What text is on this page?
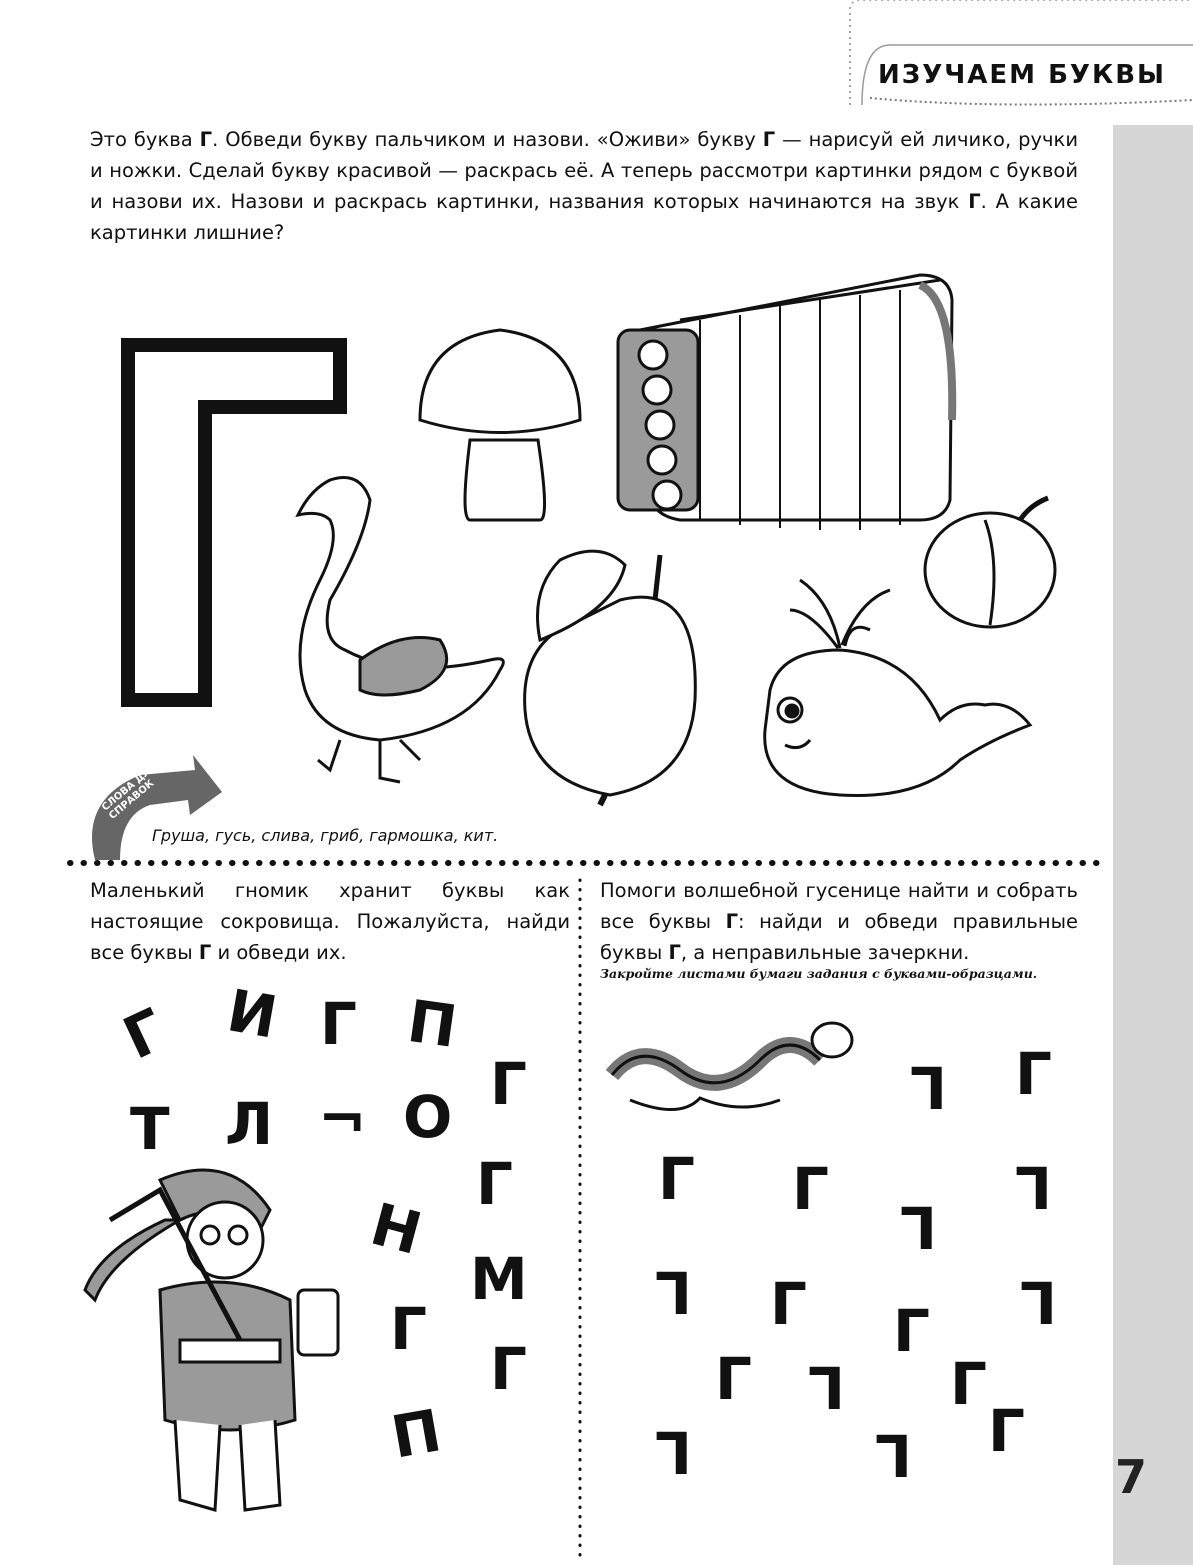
ИЗУЧАЕМ БУКВЫ
Это буква Г. Обведи букву пальчиком и назови. «Оживи» букву Г — нарисуй ей личико, ручки и ножки. Сделай букву красивой — раскрась её. А теперь рассмотри картинки рядом с буквой и назови их. Назови и раскрась картинки, названия которых начинаются на звук Г. А какие картинки лишние?
СЛОВА ДЛЯ СПРАВОК
Груша, гусь, слива, гриб, гармошка, кит.
Маленький гномик хранит буквы как настоящие сокровища. Пожалуйста, найди все буквы Г и обведи их.
Помоги волшебной гусенице найти и собрать все буквы Г: найди и обведи правильные буквы Г, а неправильные зачеркни.
Закройте листами бумаги задания с буквами-образцами.
Г И Г П
Г
Т Л ¬ О
Г
Н
М
Г
Г
П
Г Г
Г Г	Г
Г
Г Г Г Г
Г Г Г
Г	Г Г
7
